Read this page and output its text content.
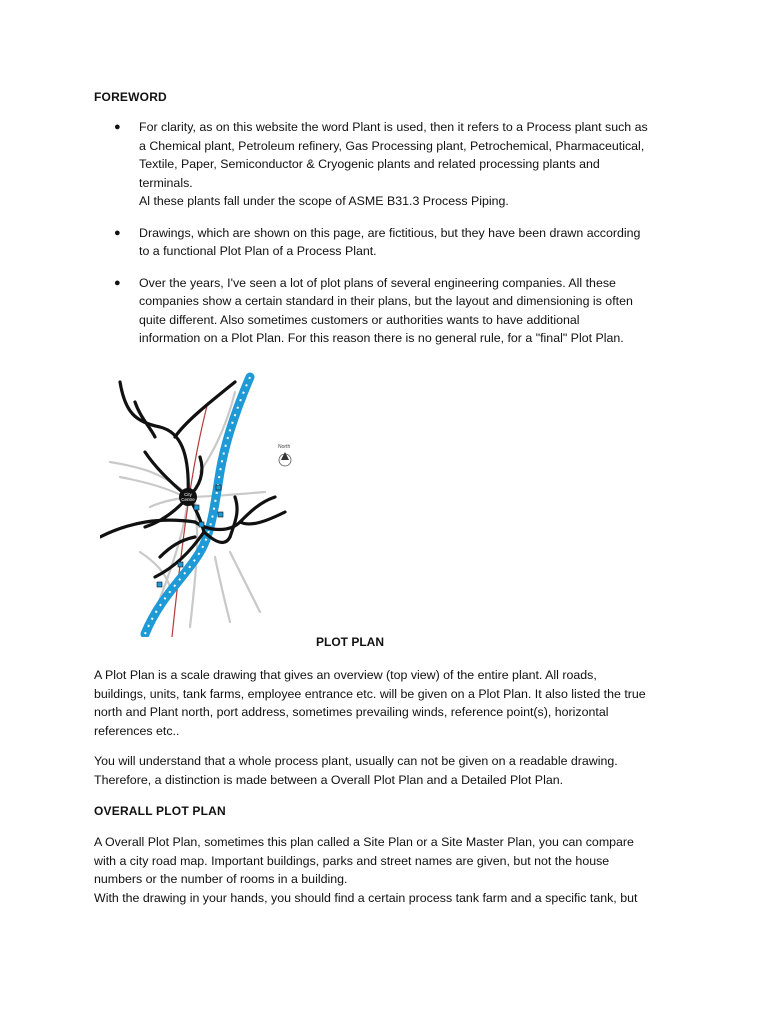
FOREWORD
● For clarity, as on this website the word Plant is used, then it refers to a Process plant such as
a Chemical plant, Petroleum refinery, Gas Processing plant, Petrochemical, Pharmaceutical,
Textile, Paper, Semiconductor & Cryogenic plants and related processing plants and
terminals.
Al these plants fall under the scope of ASME B31.3 Process Piping.
● Drawings, which are shown on this page, are fictitious, but they have been drawn according
to a functional Plot Plan of a Process Plant.
● Over the years, I've seen a lot of plot plans of several engineering companies. All these
companies show a certain standard in their plans, but the layout and dimensioning is often
quite different. Also sometimes customers or authorities wants to have additional
information on a Plot Plan. For this reason there is no general rule, for a "final" Plot Plan.
City
Centre
North
PLOT PLAN

A Plot Plan is a scale drawing that gives an overview (top view) of the entire plant. All roads,
buildings, units, tank farms, employee entrance etc. will be given on a Plot Plan. It also listed the true
north and Plant north, port address, sometimes prevailing winds, reference point(s), horizontal
references etc..

You will understand that a whole process plant, usually can not be given on a readable drawing.
Therefore, a distinction is made between a Overall Plot Plan and a Detailed Plot Plan.

OVERALL PLOT PLAN

A Overall Plot Plan, sometimes this plan called a Site Plan or a Site Master Plan, you can compare
with a city road map. Important buildings, parks and street names are given, but not the house
numbers or the number of rooms in a building.
With the drawing in your hands, you should find a certain process tank farm and a specific tank, but
